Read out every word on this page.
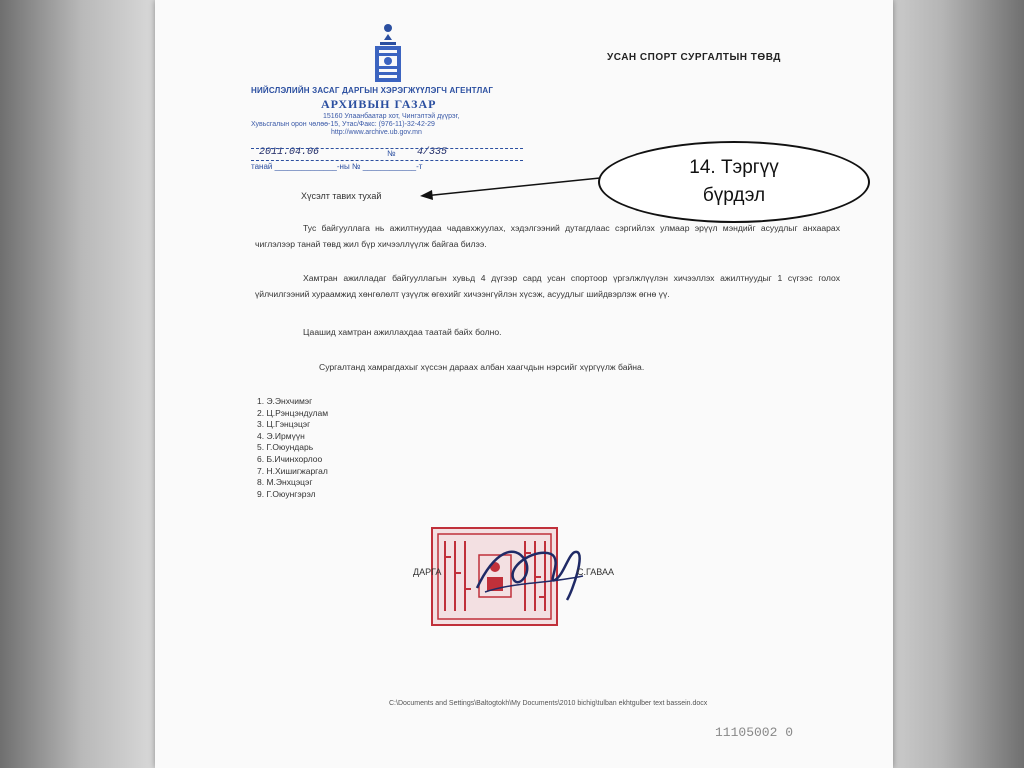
НИЙСЛЭЛИЙН ЗАСАГ ДАРГЫН ХЭРЭГЖҮҮЛЭГЧ АГЕНТЛАГ
АРХИВЫН ГАЗАР
15160 Улаанбаатар хот, Чингэлтэй дүүрэг,
Хувьсгалын орон чөлөө-15, Утас/Факс: (976-11)-32-42-29
http://www.archive.ub.gov.mn
2011.04.06	№ 4/335
танай ______________-ны № ____________-т
УСАН СПОРТ СУРГАЛТЫН ТӨВД
Хүсэлт тавих тухай
Тус байгууллага нь ажилтнуудаа чадавхжуулах, хэдэлгээний дутагдлаас сэргийлэх улмаар эрүүл мэндийг асуудлыг анхаарах чиглэлээр танай төвд жил бүр хичээллүүлж байгаа билээ.
Хамтран ажилладаг байгууллагын хувьд 4 дүгээр сард усан спортоор үргэлжлүүлэн хичээллэх ажилтнуудыг 1 сүгээс голох үйлчилгээний хураамжид хөнгөлөлт үзүүлж өгөхийг хичээнгүйлэн хүсэж, асуудлыг шийдвэрлэж өгнө үү.
Цаашид хамтран ажиллахдаа таатай байх болно.
Сургалтанд хамрагдахыг хүссэн дараах албан хаагчдын нэрсийг хүргүүлж байна.
1. Э.Энхчимэг
2. Ц.Рэнцэндулам
3. Ц.Гэнцэцэг
4. Э.Ирмүүн
5. Г.Оюундарь
6. Б.Ичинхорлоо
7. Н.Хишигжаргал
8. М.Энхцэцэг
9. Г.Оюунгэрэл
ДАРГА	С.ГАВАА
C:\Documents and Settings\Baltogtokh\My Documents\2010 bichig\tulban ekhtgulber text bassein.docx
11105002 0
14. Тэргүү
бүрдэл
